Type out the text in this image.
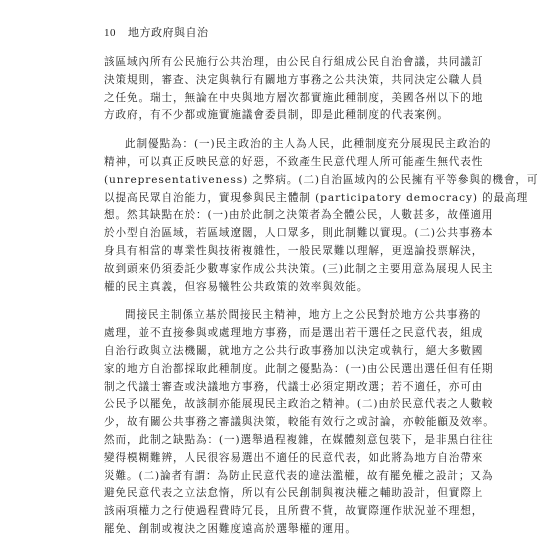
10 地方政府與自治
該區域內所有公民施行公共治理，由公民自行組成公民自治會議，共同議訂
決策規則，審查、決定與執行有關地方事務之公共決策，共同決定公職人員
之任免。瑞士，無論在中央與地方層次都實施此種制度，美國各州以下的地
方政府，有不少都或施實施議會委員制，即是此種制度的代表案例。
此制優點為：(一)民主政治的主人為人民，此種制度充分展現民主政治的
精神，可以真正反映民意的好惡，不致產生民意代理人所可能產生無代表性
(unrepresentativeness) 之弊病。(二)自治區域內的公民擁有平等參與的機會，可
以提高民眾自治能力，實現參與民主體制 (participatory democracy) 的最高理
想。然其缺點在於：(一)由於此制之決策者為全體公民，人數甚多，故僅適用
於小型自治區域，若區域遼闊，人口眾多，則此制難以實現。(二)公共事務本
身具有相當的專業性與技術複雜性，一般民眾難以理解，更遑論投票解決，
故到頭來仍須委託少數專家作成公共決策。(三)此制之主要用意為展現人民主
權的民主真義，但容易犧牲公共政策的效率與效能。
間接民主制係立基於間接民主精神，地方上之公民對於地方公共事務的
處理，並不直接參與或處理地方事務，而是選出若干選任之民意代表，組成
自治行政與立法機關，就地方之公共行政事務加以決定或執行，絕大多數國
家的地方自治都採取此種制度。此制之優點為：(一)由公民選出選任但有任期
制之代議士審查或決議地方事務，代議士必須定期改選；若不適任，亦可由
公民予以罷免，故該制亦能展現民主政治之精神。(二)由於民意代表之人數較
少，故有關公共事務之審議與決策，較能有效行之或討論，亦較能顧及效率。
然而，此制之缺點為：(一)選舉過程複雜，在媒體刻意包裝下，是非黑白往往
變得模糊難辨，人民很容易選出不適任的民意代表，如此將為地方自治帶來
災難。(二)論者有謂：為防止民意代表的違法濫權，故有罷免權之設計；又為
避免民意代表之立法怠惰，所以有公民創制與複決權之輔助設計，但實際上
該兩項權力之行使過程費時冗長，且所費不貲，故實際運作狀況並不理想，
罷免、創制或複決之困難度遠高於選舉權的運用。
